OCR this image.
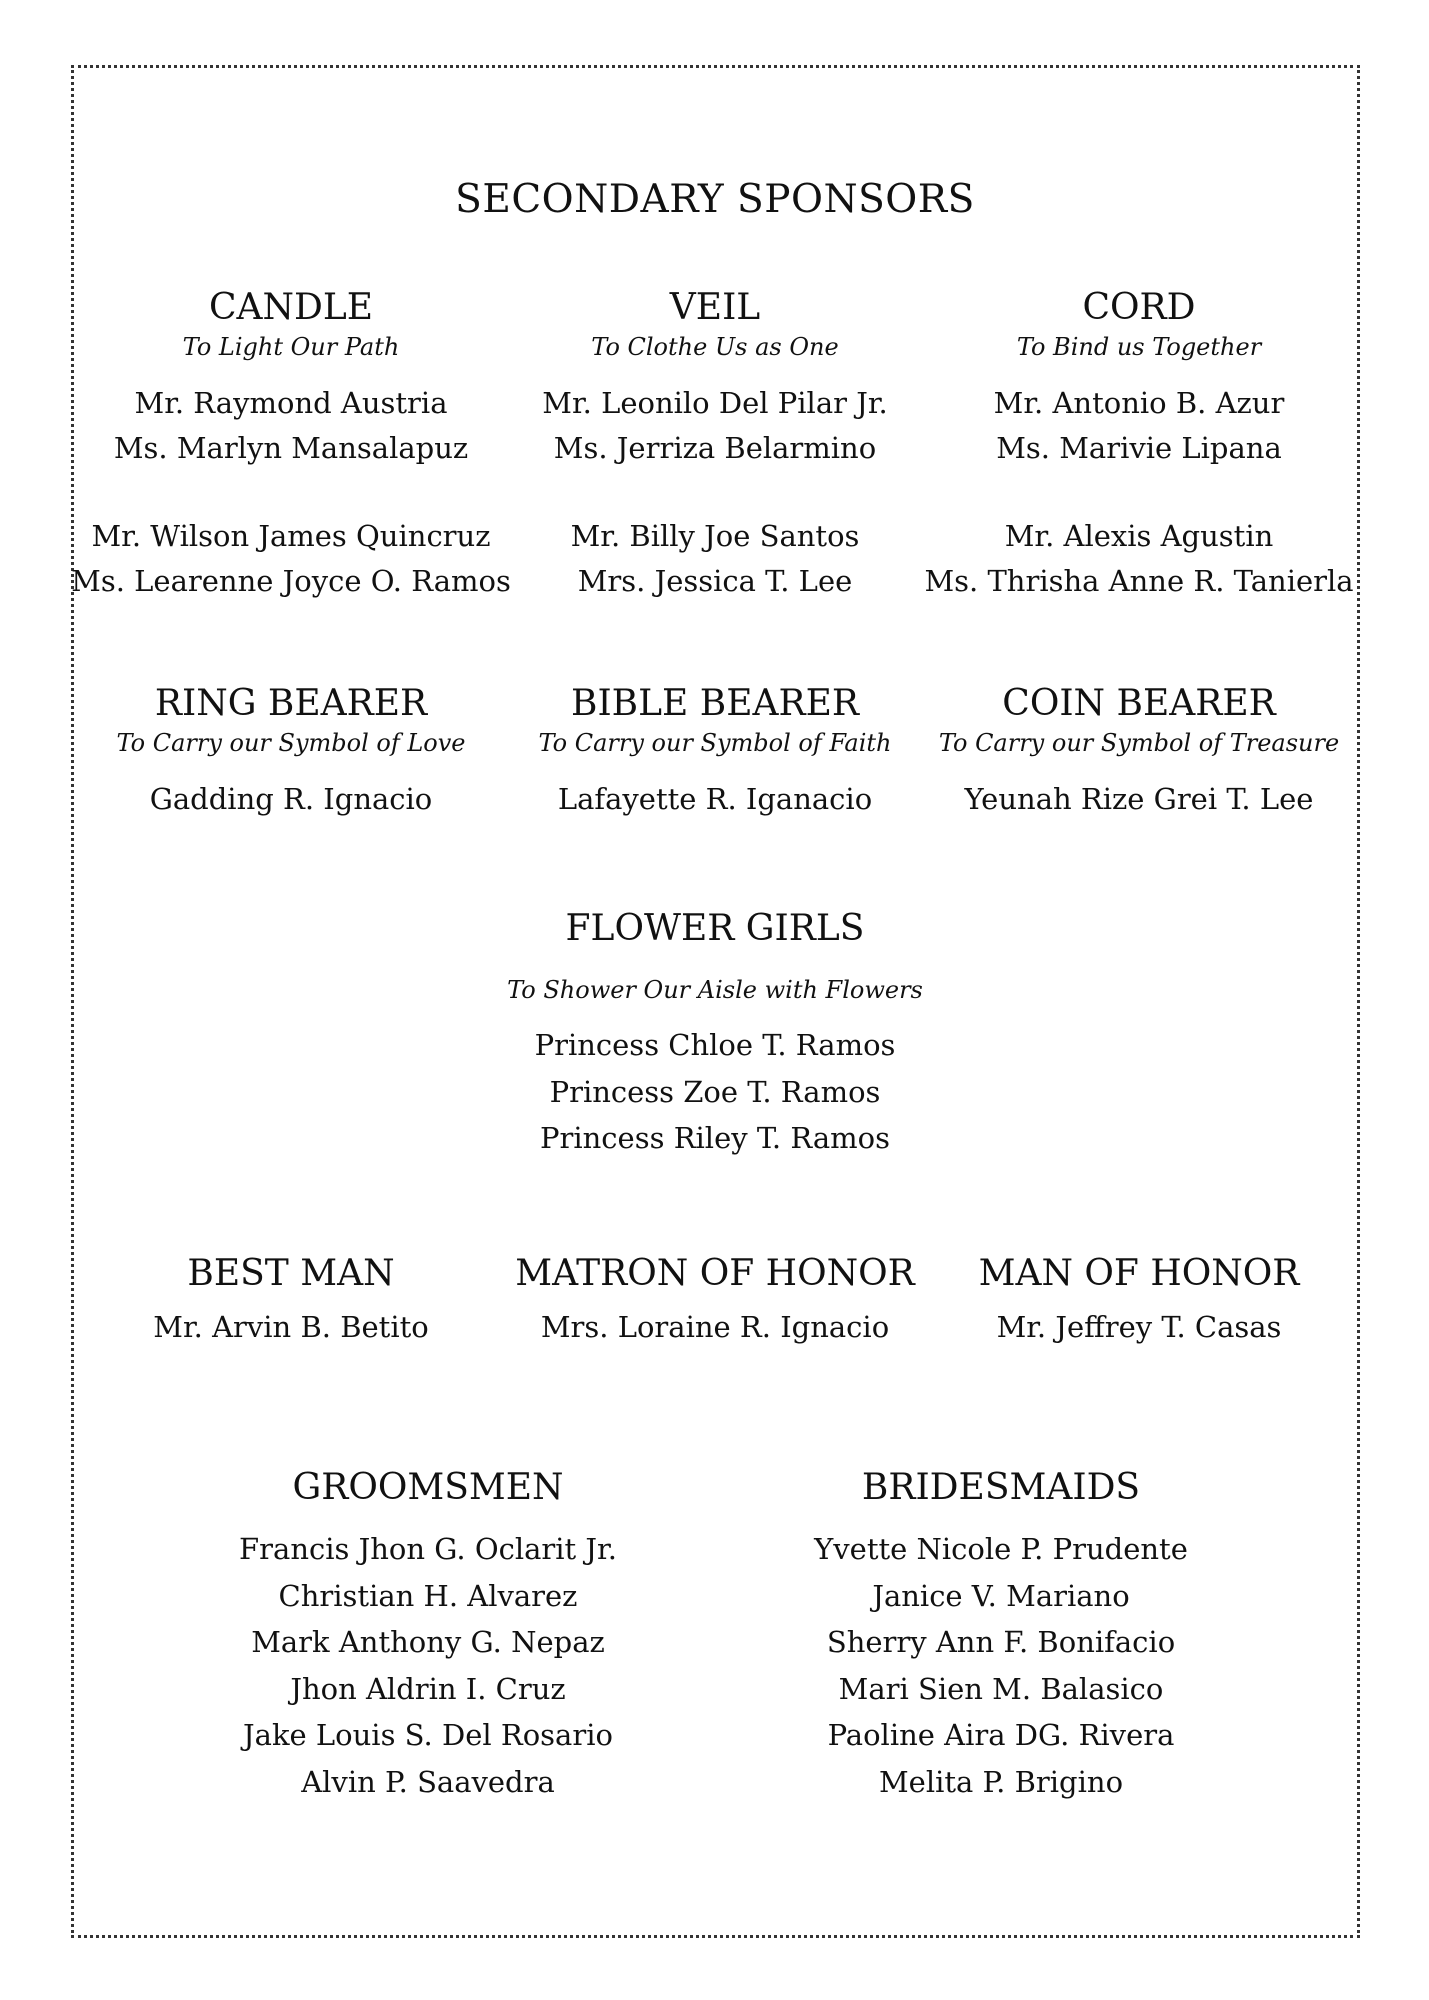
SECONDARY SPONSORS
CANDLE
To Light Our Path
Mr. Raymond Austria
Ms. Marlyn Mansalapuz
Mr. Wilson James Quincruz
Ms. Learenne Joyce O. Ramos
VEIL
To Clothe Us as One
Mr. Leonilo Del Pilar Jr.
Ms. Jerriza Belarmino
Mr. Billy Joe Santos
Mrs. Jessica T. Lee
CORD
To Bind us Together
Mr. Antonio B. Azur
Ms. Marivie Lipana
Mr. Alexis Agustin
Ms. Thrisha Anne R. Tanierla
RING BEARER
To Carry our Symbol of Love
Gadding R. Ignacio
BIBLE BEARER
To Carry our Symbol of Faith
Lafayette R. Iganacio
COIN BEARER
To Carry our Symbol of Treasure
Yeunah Rize Grei T. Lee
FLOWER GIRLS
To Shower Our Aisle with Flowers
Princess Chloe T. Ramos
Princess Zoe T. Ramos
Princess Riley T. Ramos
BEST MAN
Mr. Arvin B. Betito
MATRON OF HONOR
Mrs. Loraine R. Ignacio
MAN OF HONOR
Mr. Jeffrey T. Casas
GROOMSMEN
Francis Jhon G. Oclarit Jr.
Christian H. Alvarez
Mark Anthony G. Nepaz
Jhon Aldrin I. Cruz
Jake Louis S. Del Rosario
Alvin P. Saavedra
BRIDESMAIDS
Yvette Nicole P. Prudente
Janice V. Mariano
Sherry Ann F. Bonifacio
Mari Sien M. Balasico
Paoline Aira DG. Rivera
Melita P. Brigino
